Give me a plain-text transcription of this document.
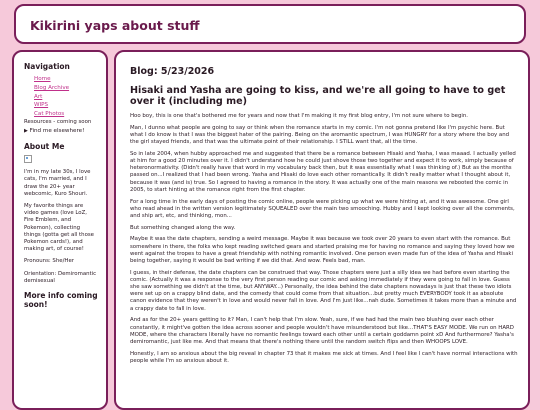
Kikirini yaps about stuff
Navigation
Home
Blog Archive
Art
WIPS
Cat Photos
Resources - coming soon
▶ Find me elsewhere!
About Me

I'm in my late 30s, I love cats, I'm married, and I draw the 20+ year webcomic, Kuro Shouri.

My favorite things are video games (love LoZ, Fire Emblem, and Pokemon), collecting things (gotta get all those Pokemon cards!), and making art, of course!

Pronouns: She/Her

Orientation: Demiromantic demisexual

More info coming soon!
Blog: 5/23/2026
Hisaki and Yasha are going to kiss, and we're all going to have to get over it (including me)

Hoo boy, this is one that's bothered me for years and now that I'm making it my first blog entry, I'm not sure where to begin.

Man, I dunno what people are going to say or think when the romance starts in my comic. I'm not gonna pretend like I'm psychic here. But what I do know is that I was the biggest hater of the pairing. Being on the aromantic spectrum, I was HUNGRY for a story where the boy and the girl stayed friends, and that was the ultimate point of their relationship. I STILL want that, all the time.

So in late 2004, when hubby approached me and suggested that there be a romance between Hisaki and Yasha, I was maaad. I actually yelled at him for a good 20 minutes over it. I didn't understand how he could just shove those two together and expect it to work, simply because of heteronormativity. (Didn't really have that word in my vocabulary back then, but it was essentially what I was thinking of.) But as the months passed on...I realized that I had been wrong. Yasha and Hisaki do love each other romantically. It didn't really matter what I thought about it, because it was (and is) true. So I agreed to having a romance in the story. It was actually one of the main reasons we rebooted the comic in 2005, to start hinting at the romance right from the first chapter.

For a long time in the early days of posting the comic online, people were picking up what we were hinting at, and it was awesome. One girl who read ahead in the written version legitimately SQUEALED over the main two smooching. Hubby and I kept looking over all the comments, and ship art, etc, and thinking, mon...

But something changed along the way.

Maybe it was the date chapters, sending a weird message. Maybe it was because we took over 20 years to even start with the romance. But somewhere in there, the folks who kept reading switched gears and started praising me for having no romance and saying they loved how we went against the tropes to have a great friendship with nothing romantic involved. One person even made fun of the idea of Yasha and Hisaki being together, saying it would be bad writing if we did that. And wow. Feels bad, man.

I guess, in their defense, the date chapters can be construed that way. Those chapters were just a silly idea we had before even starting the comic. (Actually it was a response to the very first person reading our comic and asking immediately if they were going to fall in love. Guess she saw something we didn't at the time, but ANYWAY...) Personally, the idea behind the date chapters nowadays is just that these two idiots were set up on a crappy blind date, and the comedy that could come from that situation...but pretty much EVERYBODY took it as absolute canon evidence that they weren't in love and would never fall in love. And I'm just like...nah dude. Sometimes it takes more than a minute and a crappy date to fall in love.

And as for the 20+ years getting to it? Man, I can't help that I'm slow. Yeah, sure, if we had had the main two blushing over each other constantly, it might've gotten the idea across sooner and people wouldn't have misunderstood but like...THAT'S EASY MODE. We run on HARD MODE, where the characters literally have no romantic feelings toward each other until a certain goddamn point xD And furthermore? Yasha's demiromantic, just like me. And that means that there's nothing there until the random switch flips and then WHOOPS LOVE.

Honestly, I am so anxious about the big reveal in chapter 73 that it makes me sick at times. And I feel like I can't have normal interactions with people while I'm so anxious about it.
